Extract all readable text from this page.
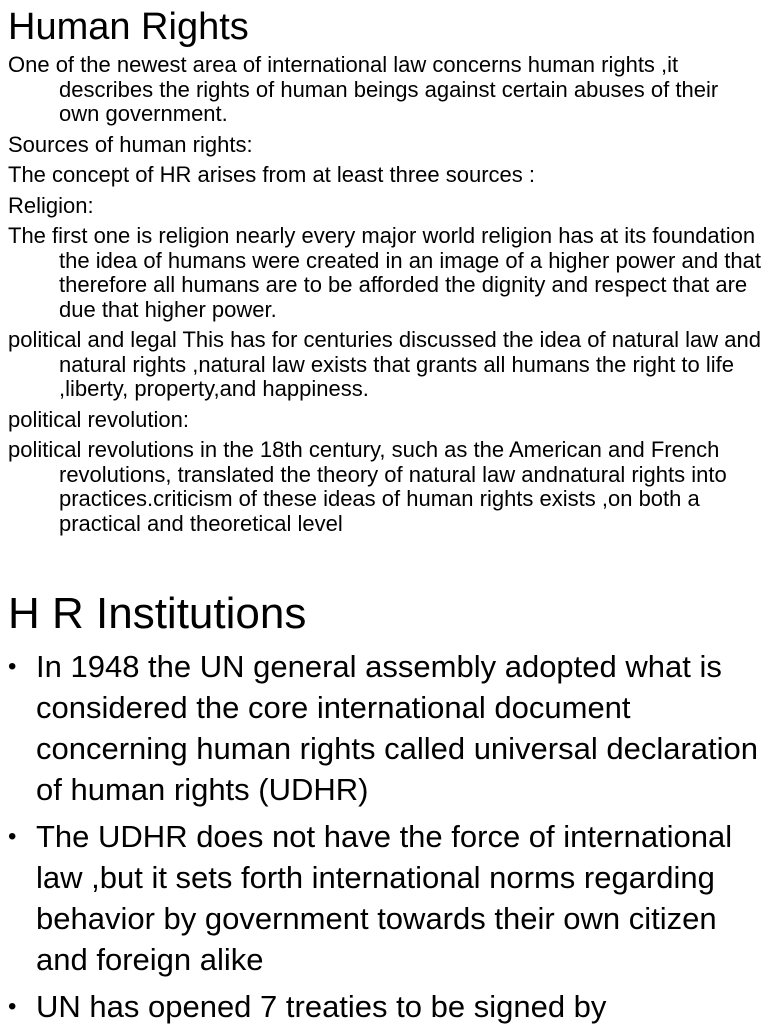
Human Rights
One of the newest area of international law concerns human rights ,it describes the rights of human beings against certain abuses of their own government.
Sources of human rights:
The concept of HR arises from at least three sources :
Religion:
The first one is religion nearly every major world religion has at its foundation the idea of humans were created in an image of a higher power and that therefore all humans are to be afforded the dignity and respect that are due that higher power.
political and legal This has for centuries discussed the idea of natural law and natural rights ,natural law exists that grants all humans the right to life ,liberty, property,and happiness.
political revolution:
political revolutions in the 18th century, such as the American and French revolutions, translated the theory of natural law andnatural rights into practices.criticism of these ideas of human rights exists ,on both a practical and theoretical level
H R Institutions
• In 1948 the UN general assembly adopted what is considered the core international document concerning human rights called universal declaration of human rights (UDHR)
• The UDHR does not have the force of international law ,but it sets forth international norms regarding behavior by government towards their own citizen and foreign alike
• UN has opened 7 treaties to be signed by
